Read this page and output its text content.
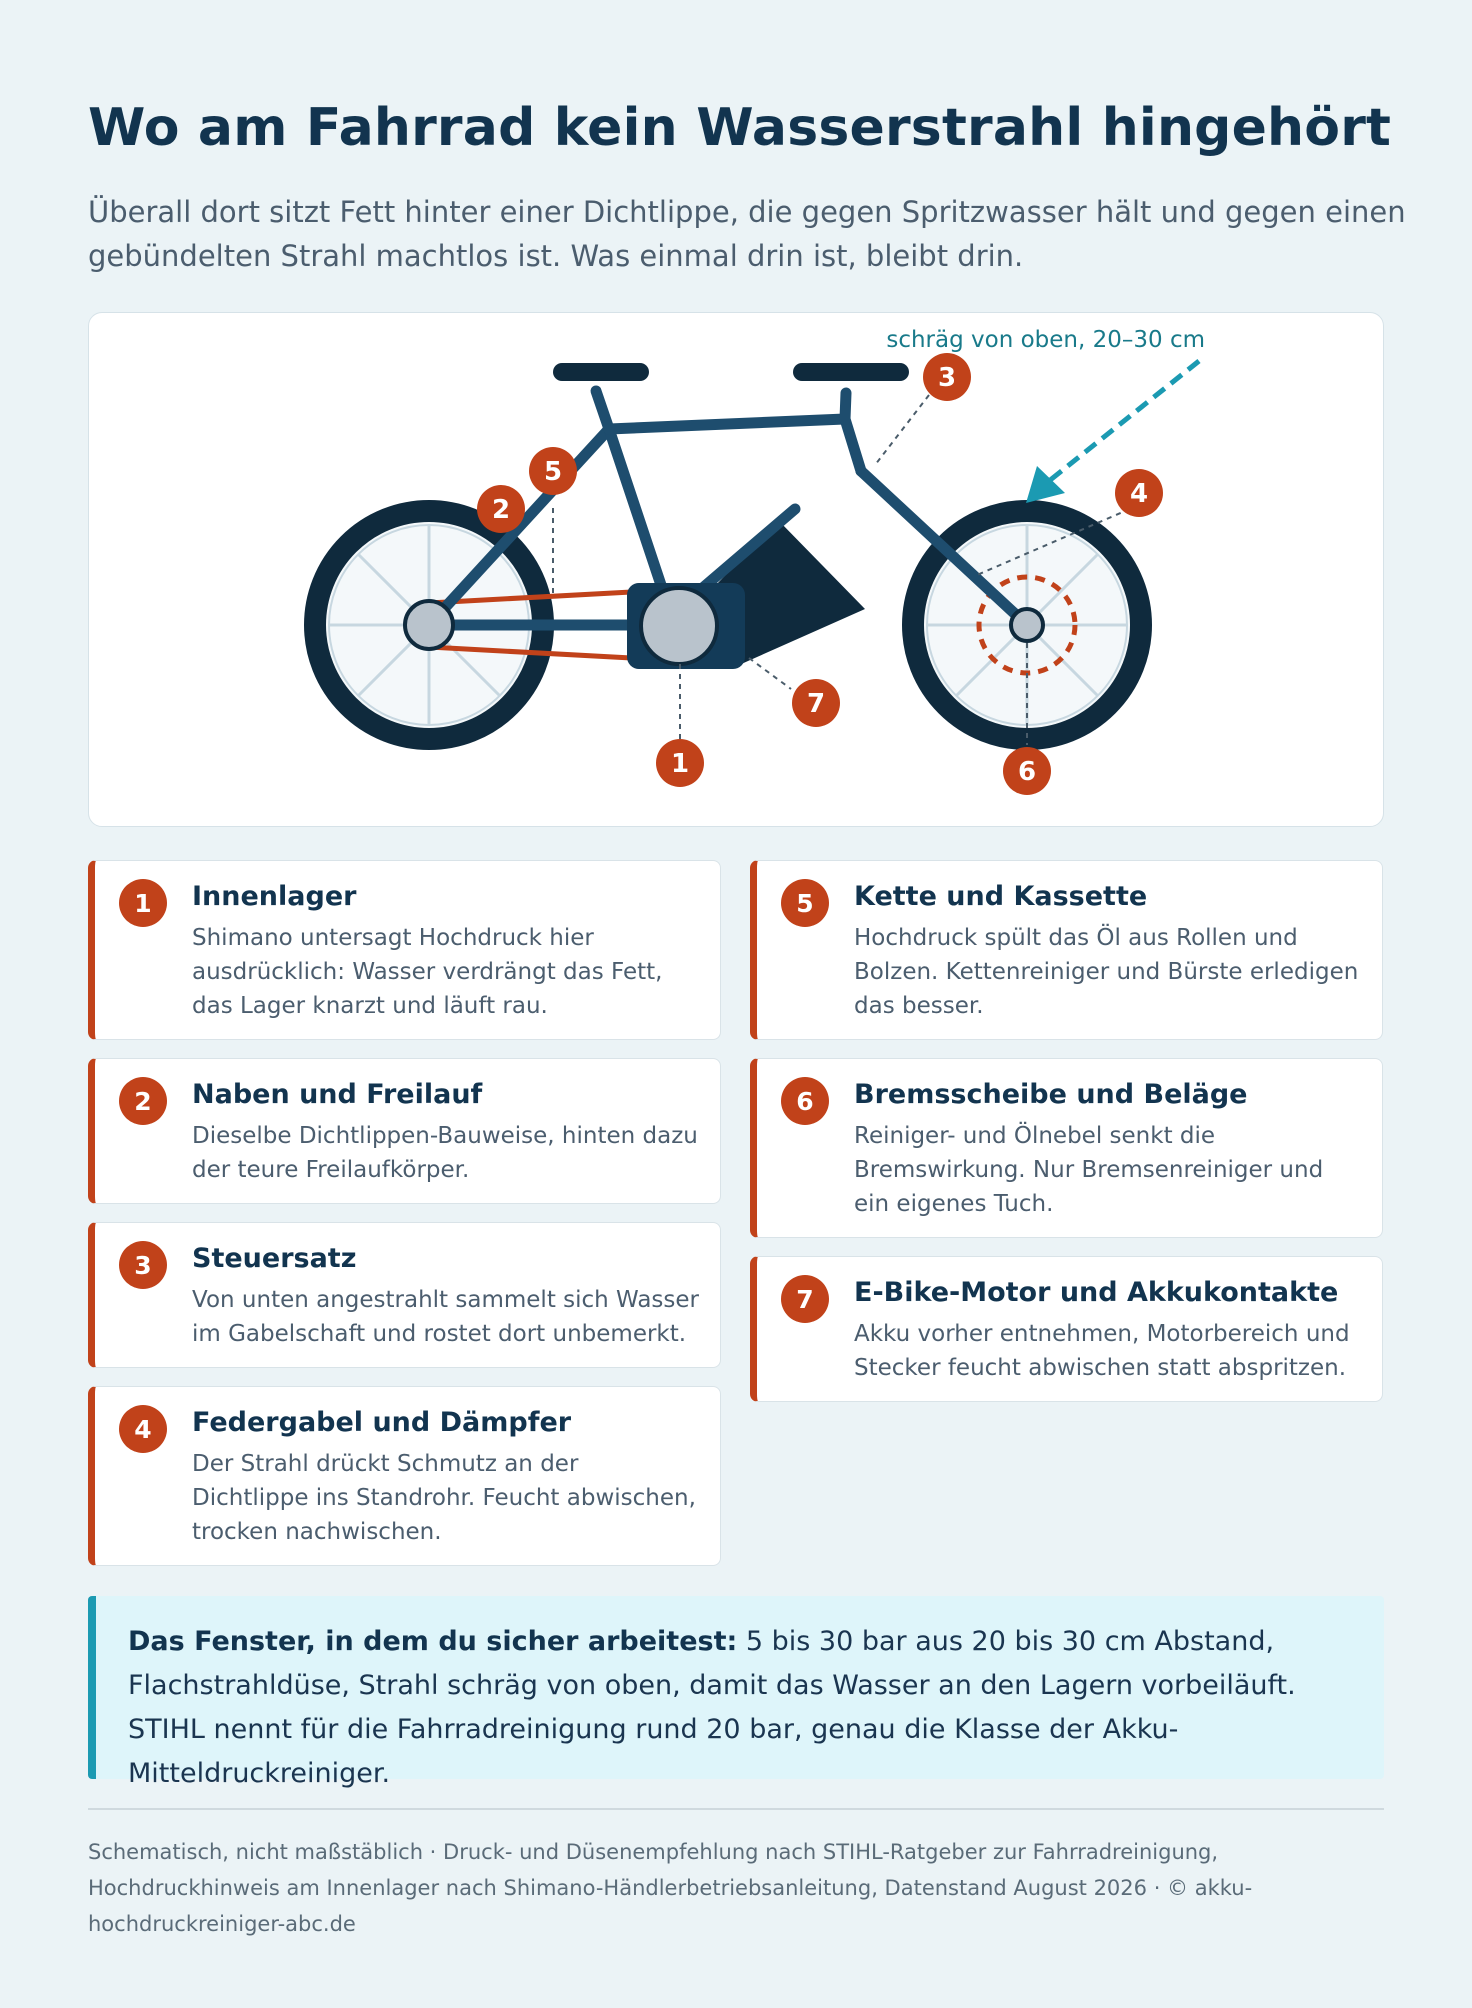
Wo am Fahrrad kein Wasserstrahl hingehört
Überall dort sitzt Fett hinter einer Dichtlippe, die gegen Spritzwasser hält und gegen einen gebündelten Strahl machtlos ist. Was einmal drin ist, bleibt drin.
schräg von oben, 20–30 cm
1
2
3
4
5
6
7
1	Innenlager
Shimano untersagt Hochdruck hier ausdrücklich: Wasser verdrängt das Fett, das Lager knarzt und läuft rau.
2	Naben und Freilauf
Dieselbe Dichtlippen-Bauweise, hinten dazu der teure Freilaufkörper.
3	Steuersatz
Von unten angestrahlt sammelt sich Wasser im Gabelschaft und rostet dort unbemerkt.
4	Federgabel und Dämpfer
Der Strahl drückt Schmutz an der Dichtlippe ins Standrohr. Feucht abwischen, trocken nachwischen.
5	Kette und Kassette
Hochdruck spült das Öl aus Rollen und Bolzen. Kettenreiniger und Bürste erledigen das besser.
6	Bremsscheibe und Beläge
Reiniger- und Ölnebel senkt die Bremswirkung. Nur Bremsenreiniger und ein eigenes Tuch.
7	E-Bike-Motor und Akkukontakte
Akku vorher entnehmen, Motorbereich und Stecker feucht abwischen statt abspritzen.
Das Fenster, in dem du sicher arbeitest: 5 bis 30 bar aus 20 bis 30 cm Abstand, Flachstrahldüse, Strahl schräg von oben, damit das Wasser an den Lagern vorbeiläuft. STIHL nennt für die Fahrradreinigung rund 20 bar, genau die Klasse der Akku-Mitteldruckreiniger.
Schematisch, nicht maßstäblich · Druck- und Düsenempfehlung nach STIHL-Ratgeber zur Fahrradreinigung, Hochdruckhinweis am Innenlager nach Shimano-Händlerbetriebsanleitung, Datenstand August 2026 · © akku-hochdruckreiniger-abc.de
